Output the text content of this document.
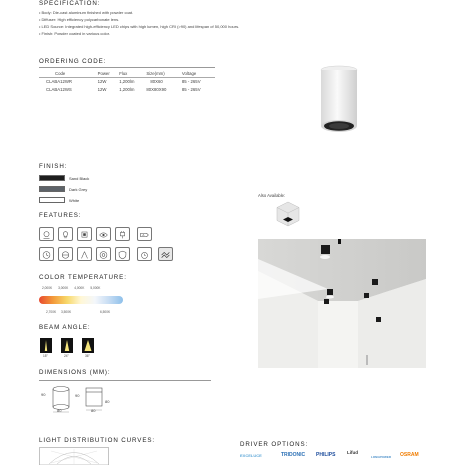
SPECIFICATION:
• Body: Die-cast aluminum finished with powder coat.
• Diffuser: High efficiency polycarbonate lens.
• LED Source: Integrated high-efficiency LED chips with high lumen, high CRI (>90) and lifespan of 50,000 hours.
• Finish: Powder coated in various color.
ORDERING CODE:
Code	Power	Flux	Size(mm)	Voltage
CLABA12WR	12W	1,200lm	80X60	85 - 265V
CLABA12WS	12W	1,200lm	80X80X90	85 - 265V
FINISH:
Sand Black
Dark Grey
White
FEATURES:
A
Also Available:
COLOR TEMPERATURE:
2,000K 3,000K 4,000K 5,000K
2,700K 3,500K	6,500K
BEAM ANGLE:
15°	24°	36°
DIMENSIONS (MM):
90
80
90
80
80
LIGHT DISTRIBUTION CURVES:
DRIVER OPTIONS:
EXCELUCE	TRIDONIC PHILIPS	Lifud
LONGPOWER OSRAM
